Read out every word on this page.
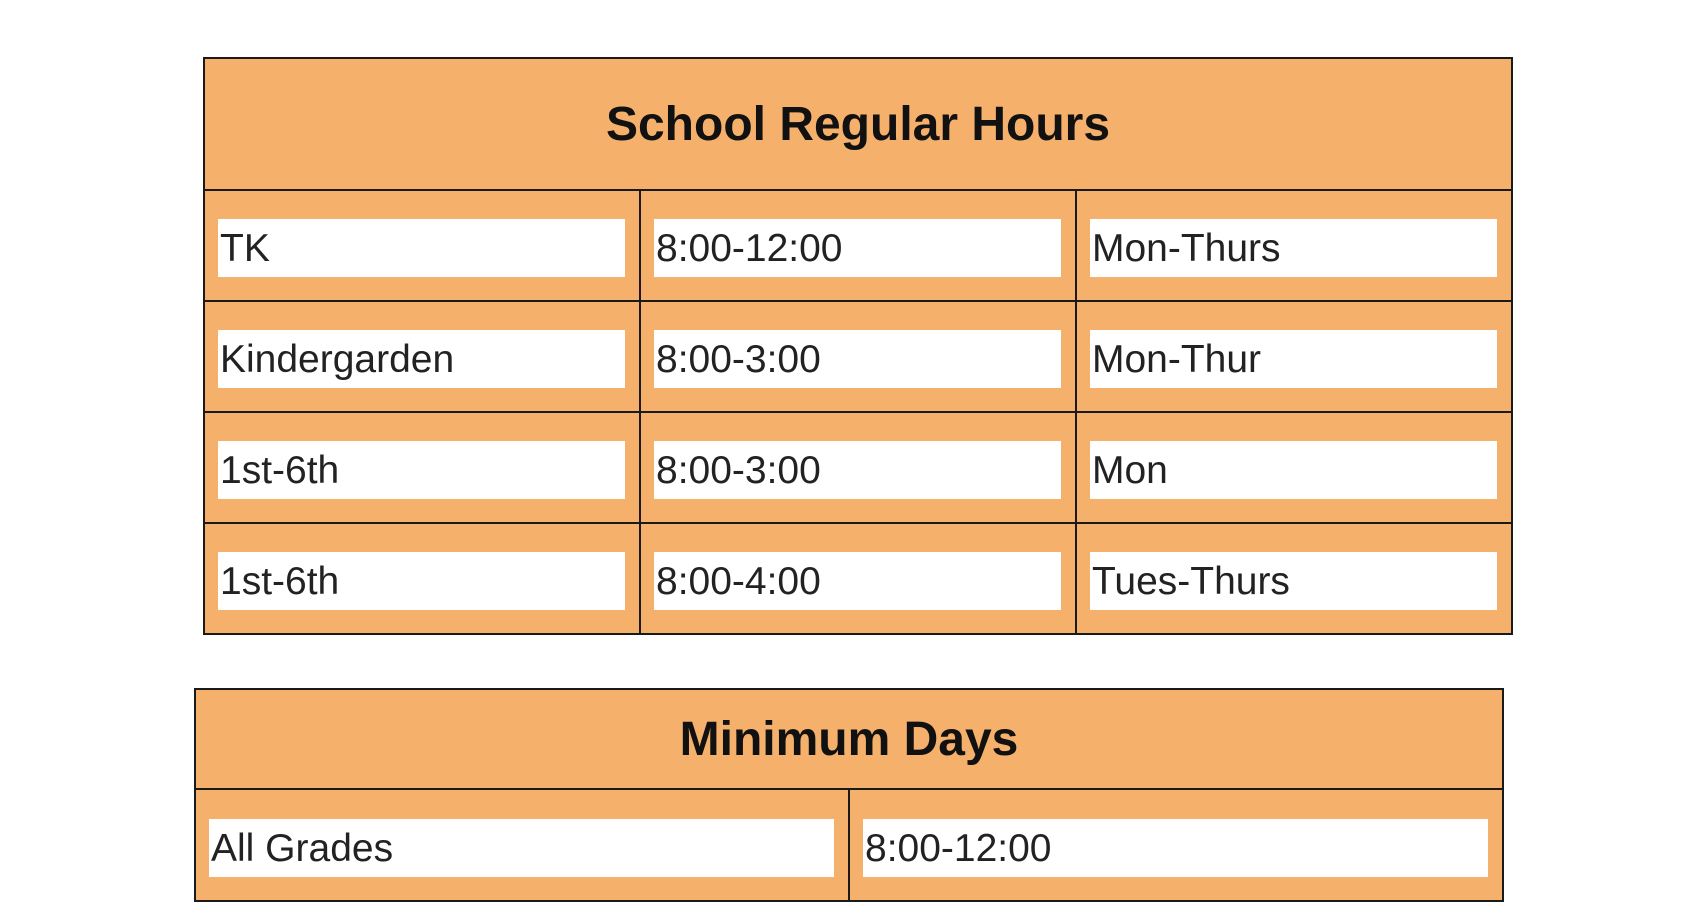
School Regular Hours		

TK	8:00-12:00	Mon-Thurs

Kindergarden	8:00-3:00	Mon-Thur

1st-6th	8:00-3:00	Mon

1st-6th	8:00-4:00	Tues-Thurs
Minimum Days

All Grades	8:00-12:00
